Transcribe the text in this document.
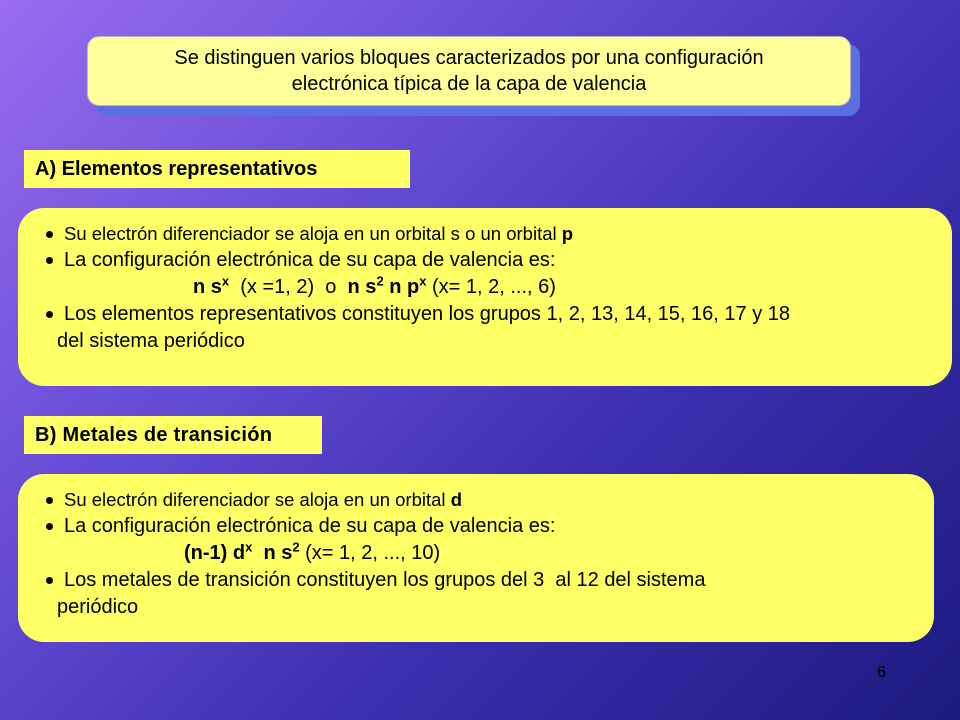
Se distinguen varios bloques caracterizados por una configuración
electrónica típica de la capa de valencia
A) Elementos representativos
Su electrón diferenciador se aloja en un orbital s o un orbital p
La configuración electrónica de su capa de valencia es:
n $s^x$  (x =1, 2)  o  n $s^2$ n $p^x$ (x= 1, 2, ..., 6)
Los elementos representativos constituyen los grupos 1, 2, 13, 14, 15, 16, 17 y 18
del sistema periódico
B) Metales de transición
Su electrón diferenciador se aloja en un orbital d
La configuración electrónica de su capa de valencia es:
(n-1) $d^x$  n $s^2$ (x= 1, 2, ..., 10)
Los metales de transición constituyen los grupos del 3  al 12 del sistema
periódico
6
